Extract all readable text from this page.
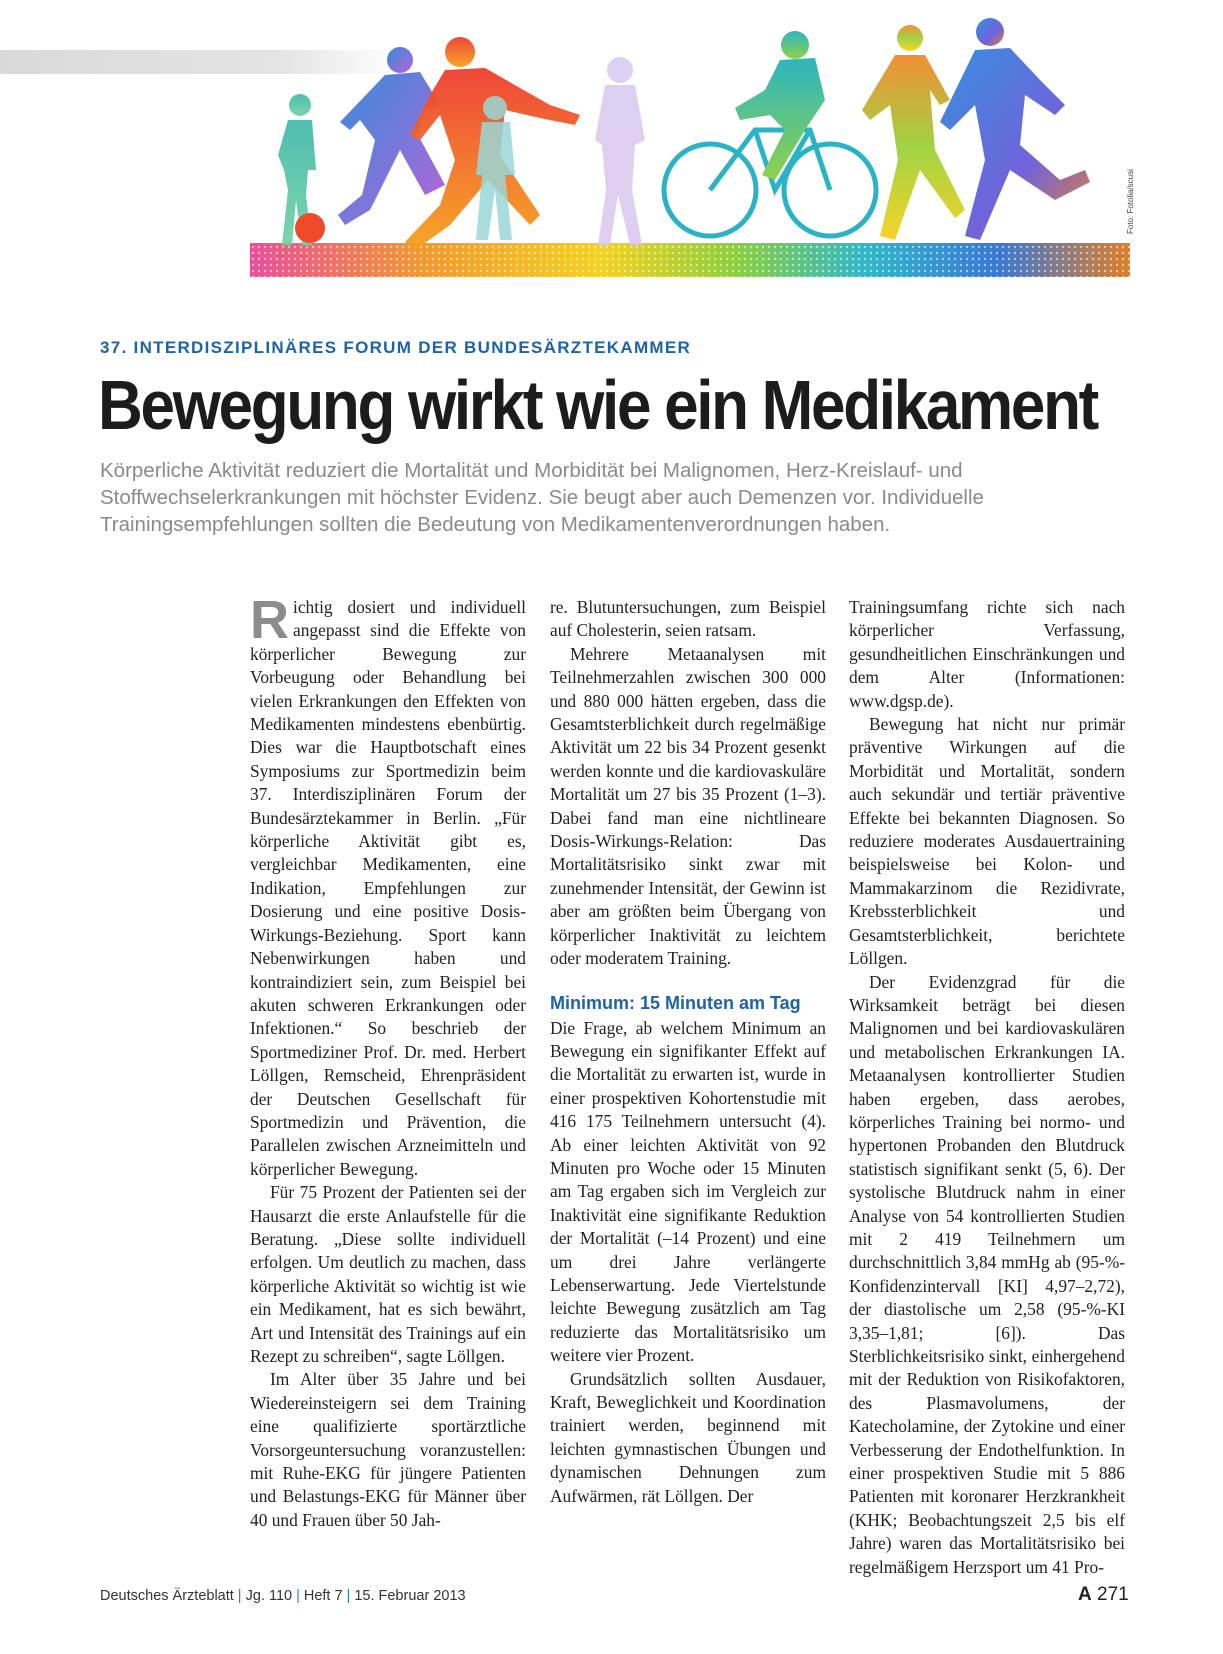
Foto: Fotolia/scusi
37. INTERDISZIPLINÄRES FORUM DER BUNDESÄRZTEKAMMER
Bewegung wirkt wie ein Medikament

Körperliche Aktivität reduziert die Mortalität und Morbidität bei Malignomen, Herz-Kreislauf- und Stoffwechselerkrankungen mit höchster Evidenz. Sie beugt aber auch Demenzen vor. Individuelle Trainingsempfehlungen sollten die Bedeutung von Medikamentenverordnungen haben.

Richtig dosiert und individuell angepasst sind die Effekte von körperlicher Bewegung zur Vorbeugung oder Behandlung bei vielen Erkrankungen den Effekten von Medikamenten mindestens ebenbürtig. Dies war die Hauptbotschaft eines Symposiums zur Sportmedizin beim 37. Interdisziplinären Forum der Bundesärztekammer in Berlin. „Für körperliche Aktivität gibt es, vergleichbar Medikamenten, eine Indikation, Empfehlungen zur Dosierung und eine positive Dosis-Wirkungs-Beziehung. Sport kann Nebenwirkungen haben und kontraindiziert sein, zum Beispiel bei akuten schweren Erkrankungen oder Infektionen.“ So beschrieb der Sportmediziner Prof. Dr. med. Herbert Löllgen, Remscheid, Ehrenpräsident der Deutschen Gesellschaft für Sportmedizin und Prävention, die Parallelen zwischen Arzneimitteln und körperlicher Bewegung.

Für 75 Prozent der Patienten sei der Hausarzt die erste Anlaufstelle für die Beratung. „Diese sollte individuell erfolgen. Um deutlich zu machen, dass körperliche Aktivität so wichtig ist wie ein Medikament, hat es sich bewährt, Art und Intensität des Trainings auf ein Rezept zu schreiben“, sagte Löllgen.

Im Alter über 35 Jahre und bei Wiedereinsteigern sei dem Training eine qualifizierte sportärztliche Vorsorgeuntersuchung voranzustellen: mit Ruhe-EKG für jüngere Patienten und Belastungs-EKG für Männer über 40 und Frauen über 50 Jah-

re. Blutuntersuchungen, zum Beispiel auf Cholesterin, seien ratsam.

Mehrere Metaanalysen mit Teilnehmerzahlen zwischen 300 000 und 880 000 hätten ergeben, dass die Gesamtsterblichkeit durch regelmäßige Aktivität um 22 bis 34 Prozent gesenkt werden konnte und die kardiovaskuläre Mortalität um 27 bis 35 Prozent (1–3). Dabei fand man eine nichtlineare Dosis-Wirkungs-Relation: Das Mortalitätsrisiko sinkt zwar mit zunehmender Intensität, der Gewinn ist aber am größten beim Übergang von körperlicher Inaktivität zu leichtem oder moderatem Training.

Minimum: 15 Minuten am Tag

Die Frage, ab welchem Minimum an Bewegung ein signifikanter Effekt auf die Mortalität zu erwarten ist, wurde in einer prospektiven Kohortenstudie mit 416 175 Teilnehmern untersucht (4). Ab einer leichten Aktivität von 92 Minuten pro Woche oder 15 Minuten am Tag ergaben sich im Vergleich zur Inaktivität eine signifikante Reduktion der Mortalität (–14 Prozent) und eine um drei Jahre verlängerte Lebenserwartung. Jede Viertelstunde leichte Bewegung zusätzlich am Tag reduzierte das Mortalitätsrisiko um weitere vier Prozent.

Grundsätzlich sollten Ausdauer, Kraft, Beweglichkeit und Koordination trainiert werden, beginnend mit leichten gymnastischen Übungen und dynamischen Dehnungen zum Aufwärmen, rät Löllgen. Der

Trainingsumfang richte sich nach körperlicher Verfassung, gesundheitlichen Einschränkungen und dem Alter (Informationen: www.dgsp.de).

Bewegung hat nicht nur primär präventive Wirkungen auf die Morbidität und Mortalität, sondern auch sekundär und tertiär präventive Effekte bei bekannten Diagnosen. So reduziere moderates Ausdauertraining beispielsweise bei Kolon- und Mammakarzinom die Rezidivrate, Krebssterblichkeit und Gesamtsterblichkeit, berichtete Löllgen.

Der Evidenzgrad für die Wirksamkeit beträgt bei diesen Malignomen und bei kardiovaskulären und metabolischen Erkrankungen IA. Metaanalysen kontrollierter Studien haben ergeben, dass aerobes, körperliches Training bei normo- und hypertonen Probanden den Blutdruck statistisch signifikant senkt (5, 6). Der systolische Blutdruck nahm in einer Analyse von 54 kontrollierten Studien mit 2 419 Teilnehmern um durchschnittlich 3,84 mmHg ab (95-%-Konfidenzintervall [KI] 4,97–2,72), der diastolische um 2,58 (95-%-KI 3,35–1,81; [6]). Das Sterblichkeitsrisiko sinkt, einhergehend mit der Reduktion von Risikofaktoren, des Plasmavolumens, der Katecholamine, der Zytokine und einer Verbesserung der Endothelfunktion. In einer prospektiven Studie mit 5 886 Patienten mit koronarer Herzkrankheit (KHK; Beobachtungszeit 2,5 bis elf Jahre) waren das Mortalitätsrisiko bei regelmäßigem Herzsport um 41 Pro-

Deutsches Ärzteblatt | Jg. 110 | Heft 7 | 15. Februar 2013	A 271
